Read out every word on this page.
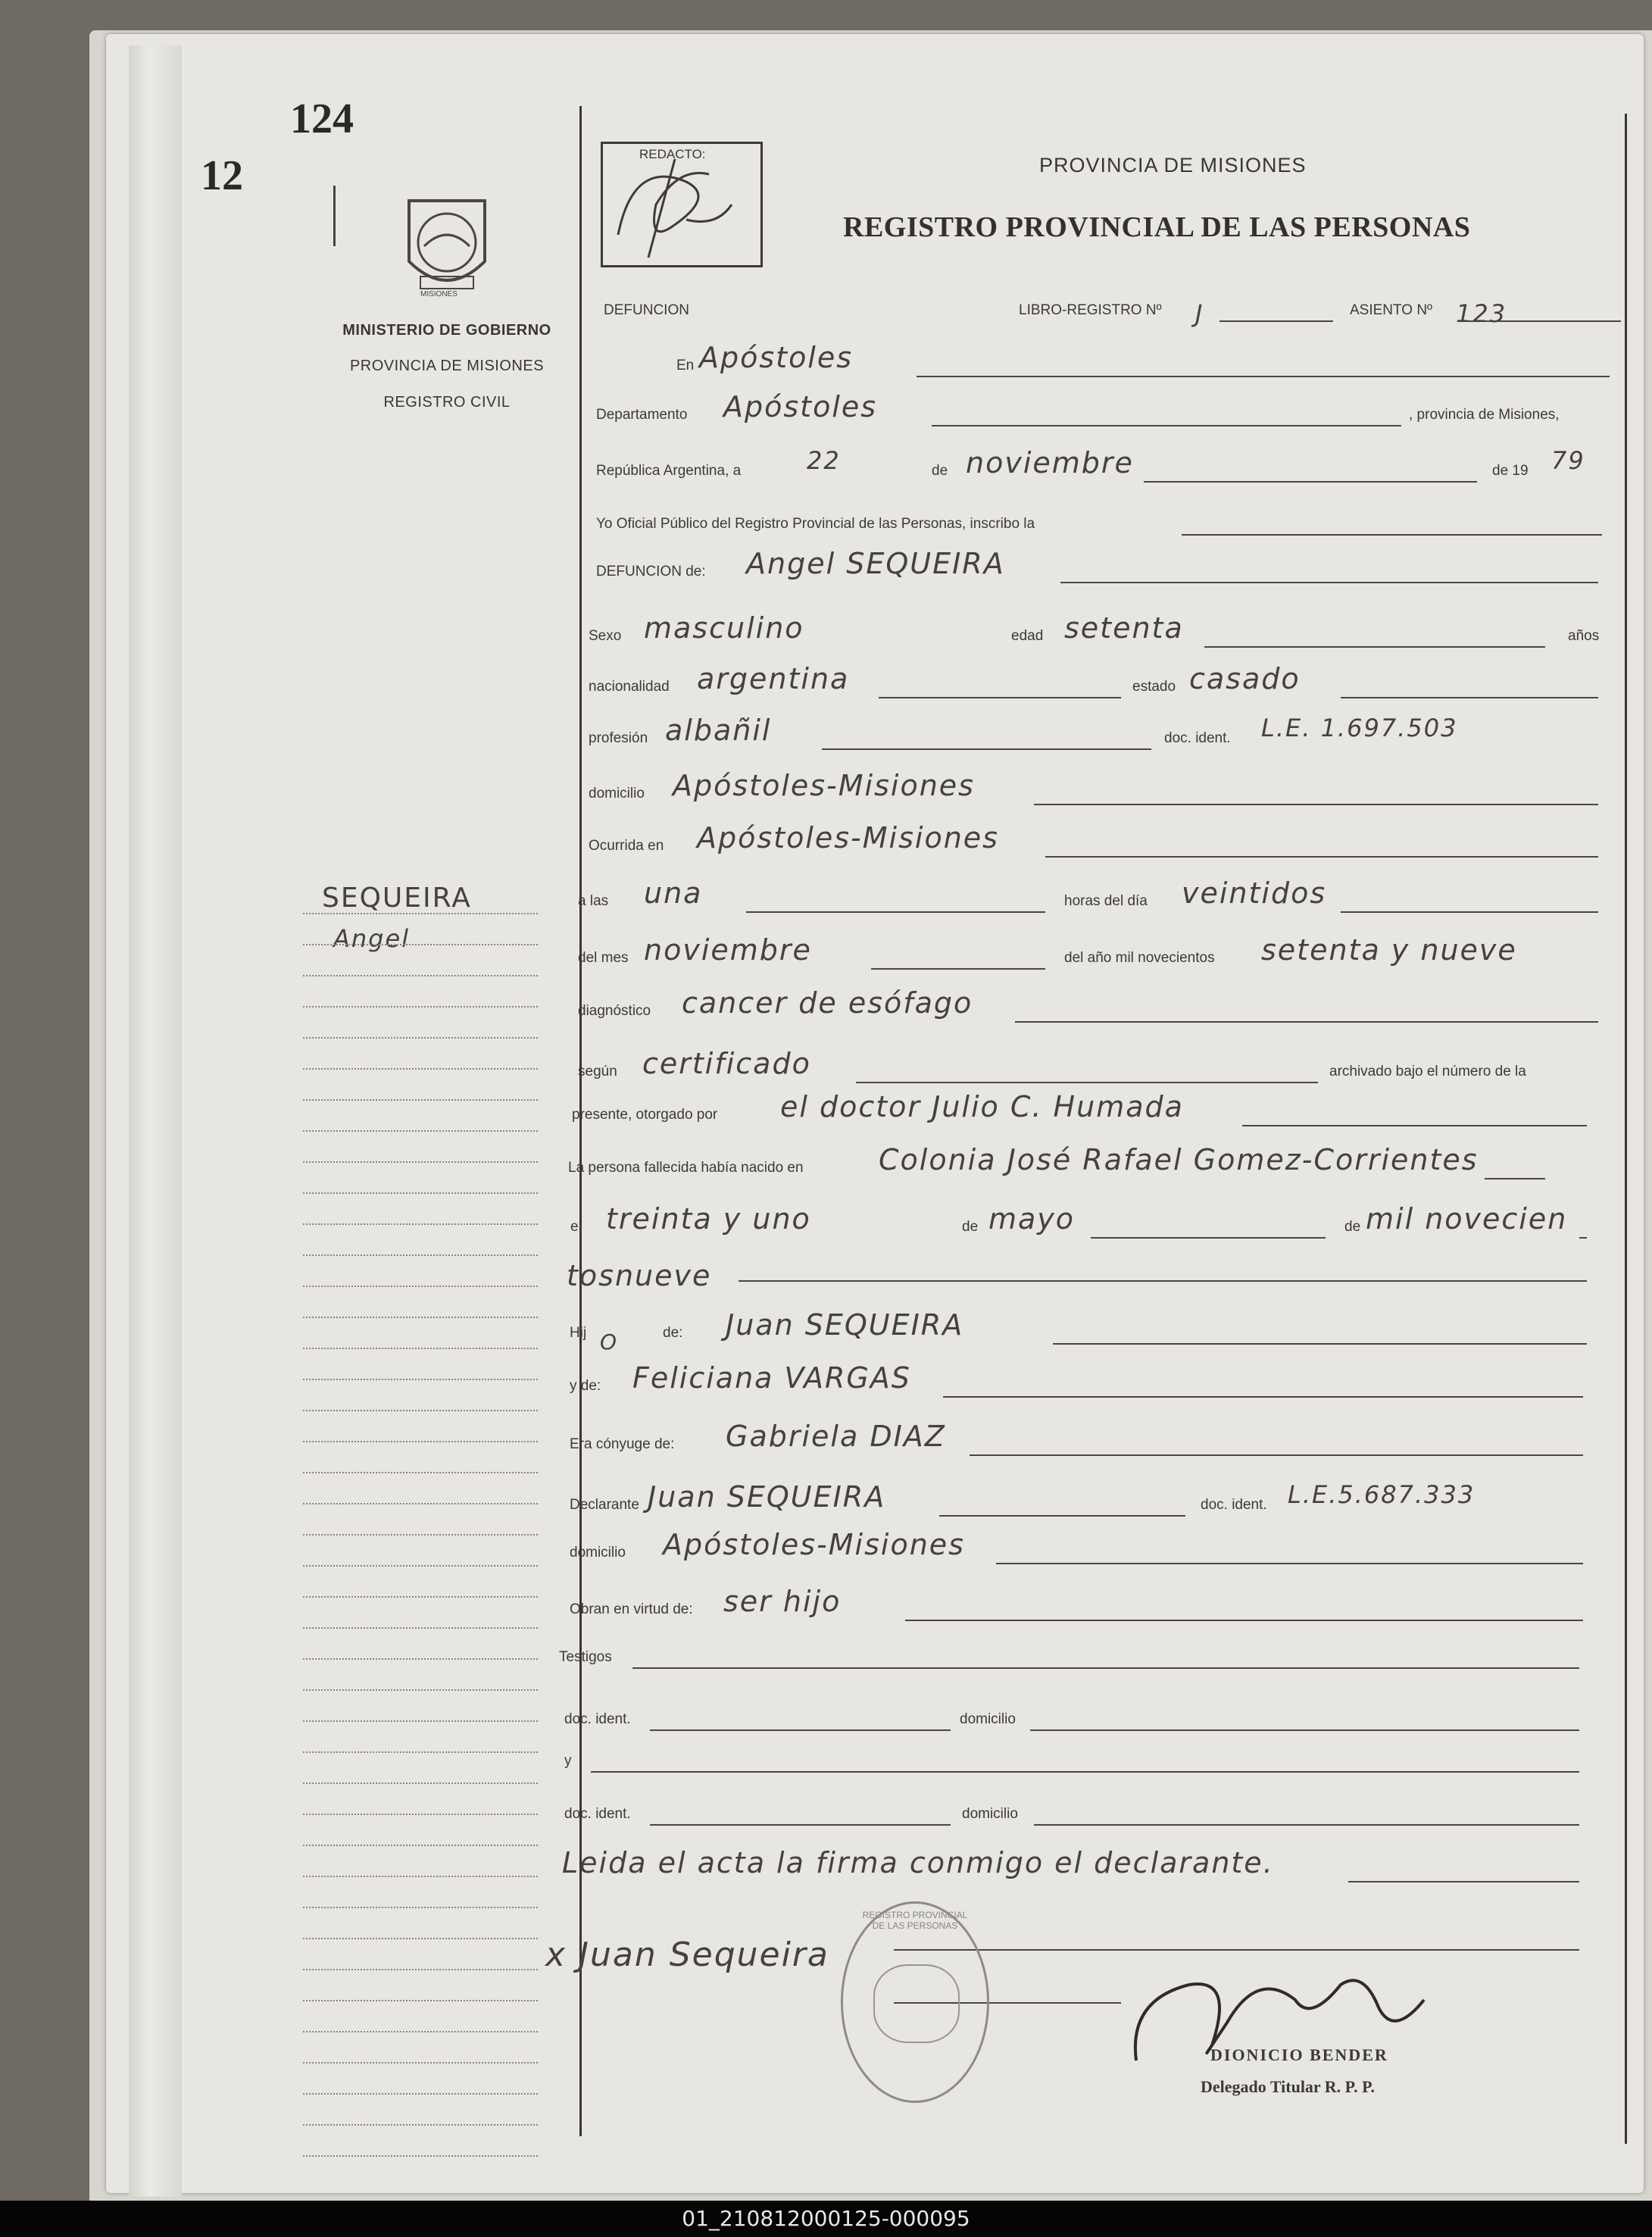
124
12
MISIONES
MINISTERIO DE GOBIERNO
PROVINCIA DE MISIONES
REGISTRO CIVIL
REDACTO:	PROVINCIA DE MISIONES
REGISTRO PROVINCIAL DE LAS PERSONAS
DEFUNCION	LIBRO-REGISTRO Nº J	ASIENTO Nº 123
En Apóstoles
Departamento Apóstoles	, provincia de Misiones,
República Argentina, a	22	de noviembre	de 19 79
Yo Oficial Público del Registro Provincial de las Personas, inscribo la
DEFUNCION de: Angel SEQUEIRA
Sexo masculino	edad setenta	años
nacionalidad argentina	estado casado
profesión albañil	doc. ident. L.E. 1.697.503
domicilio Apóstoles-Misiones
Ocurrida en Apóstoles-Misiones
a las una	horas del día veintidos
del mes noviembre	del año mil novecientos setenta y nueve
diagnóstico cancer de esófago
según certificado	archivado bajo el número de la
presente, otorgado por el doctor Julio C. Humada
La persona fallecida había nacido en	Colonia José Rafael Gomez-Corrientes
el treinta y uno	de mayo	de mil novecien
tosnueve
Hij O	de: Juan SEQUEIRA
y de: Feliciana VARGAS
Era cónyuge de: Gabriela DIAZ
Declarante Juan SEQUEIRA	doc. ident. L.E.5.687.333
domicilio Apóstoles-Misiones
Obran en virtud de: ser hijo
Testigos
doc. ident.	domicilio
y
doc. ident.	domicilio
Leida el acta la firma conmigo el declarante.
SEQUEIRA
Angel
x Juan Sequeira
DIONICIO BENDER
Delegado Titular R. P. P.
REGISTRO PROVINCIAL DE LAS PERSONAS
01_210812000125-000095
